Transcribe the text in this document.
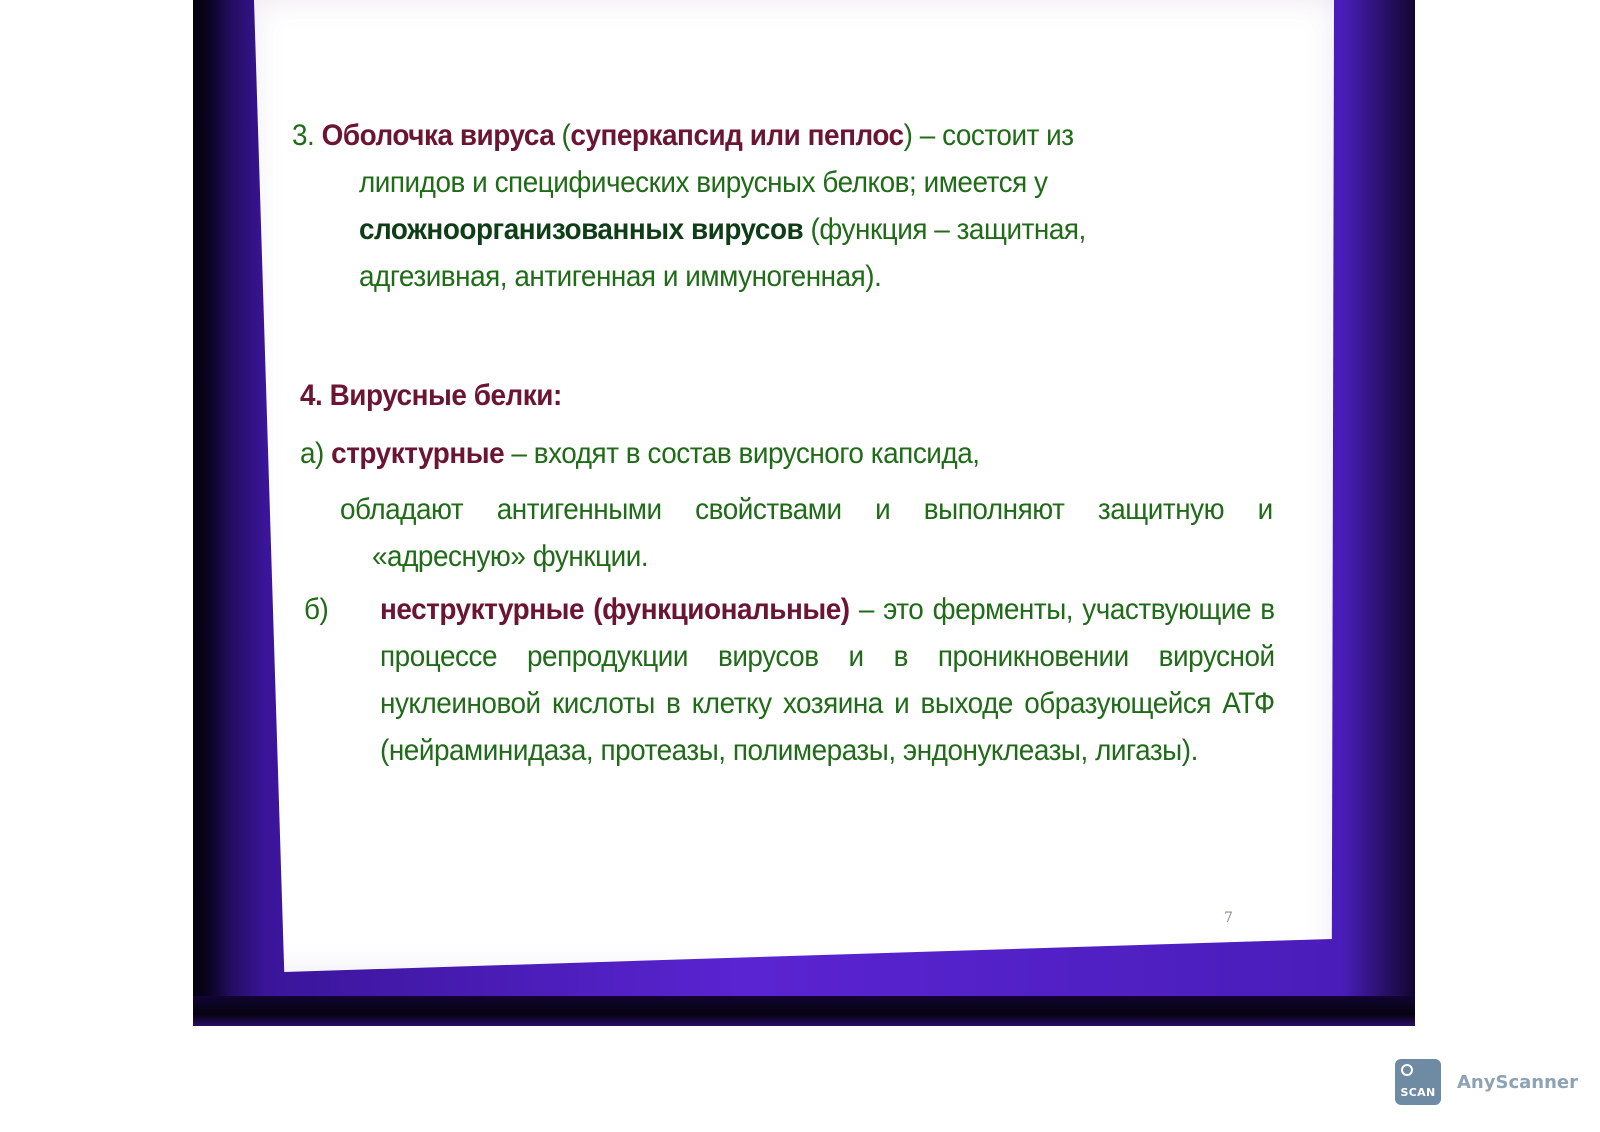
3. Оболочка вируса (суперкапсид или пеплос) – состоит из
липидов и специфических вирусных белков; имеется у
сложноорганизованных вирусов (функция – защитная,
адгезивная, антигенная и иммуногенная).
4. Вирусные белки:
а) структурные – входят в состав вирусного капсида,
обладают антигенными свойствами и выполняют защитную и
«адресную» функции.
б) неструктурные (функциональные) – это ферменты, участвующие в процессе репродукции вирусов и в проникновении вирусной нуклеиновой кислоты в клетку хозяина и выходе образующейся АТФ (нейраминидаза, протеазы, полимеразы, эндонуклеазы, лигазы).
7
SCAN AnyScanner
